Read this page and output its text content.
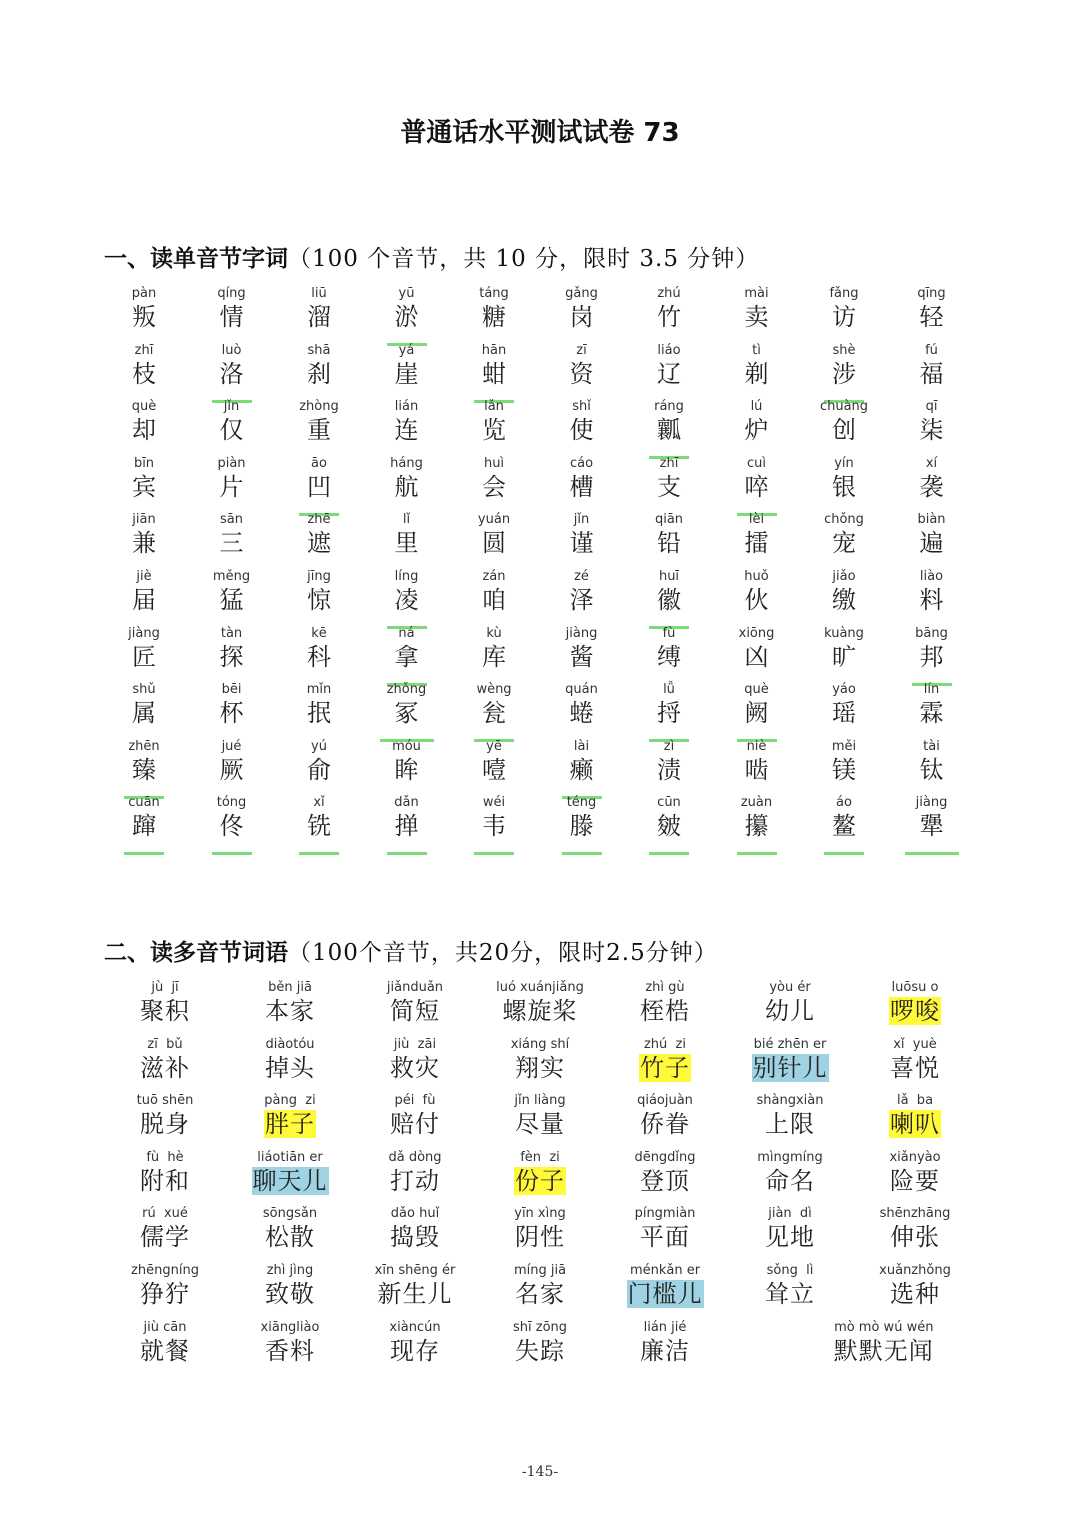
普通话水平测试试卷 73
一、读单音节字词（100 个音节，共 10 分，限时 3.5 分钟）
pàn
叛
qíng
情
liū
溜
yū
淤
táng
糖
gǎng
岗
zhú
竹
mài
卖
fǎng
访
qīng
轻
zhī
枝
luò
洛
shā
刹
yá
崖
hān
蚶
zī
资
liáo
辽
tì
剃
shè
涉
fú
福
què
却
jǐn
仅
zhòng
重
lián
连
lǎn
览
shǐ
使
ráng
瓤
lú
炉
chuàng
创
qī
柒
bīn
宾
piàn
片
āo
凹
háng
航
huì
会
cáo
槽
zhī
支
cuì
啐
yín
银
xí
袭
jiān
兼
sān
三
zhē
遮
lǐ
里
yuán
圆
jǐn
谨
qiān
铅
lèi
擂
chǒng
宠
biàn
遍
jiè
届
měng
猛
jīng
惊
líng
凌
zán
咱
zé
泽
huī
徽
huǒ
伙
jiǎo
缴
liào
料
jiàng
匠
tàn
探
kē
科
ná
拿
kù
库
jiàng
酱
fù
缚
xiōng
凶
kuàng
旷
bāng
邦
shǔ
属
bēi
杯
mǐn
抿
zhǒng
冢
wèng
瓮
quán
蜷
lǚ
捋
què
阙
yáo
瑶
lín
霖
zhēn
臻
jué
厥
yú
俞
móu
眸
yē
噎
lài
癞
zì
渍
niè
啮
měi
镁
tài
钛
cuān
蹿
tóng
佟
xǐ
铣
dǎn
掸
wéi
韦
téng
滕
cūn
皴
zuàn
攥
áo
鳌
jiàng
犟
二、读多音节词语（100个音节，共20分，限时2.5分钟）
jù  jī
聚积
běn jiā
本家
jiǎnduǎn
简短
luó xuánjiǎng
螺旋桨
zhì gù
桎梏
yòu ér
幼儿
luōsu o
啰唆
zī  bǔ
滋补
diàotóu
掉头
jiù  zāi
救灾
xiáng shí
翔实
zhú  zi
竹子
bié zhēn er
别针儿
xǐ  yuè
喜悦
tuō shēn
脱身
pàng  zi
胖子
péi  fù
赔付
jǐn liàng
尽量
qiáojuàn
侨眷
shàngxiàn
上限
lǎ  ba
喇叭
fù  hè
附和
liáotiān er
聊天儿
dǎ dòng
打动
fèn  zi
份子
dēngdǐng
登顶
mìngmíng
命名
xiǎnyào
险要
rú  xué
儒学
sōngsǎn
松散
dǎo huǐ
捣毁
yīn xìng
阴性
píngmiàn
平面
jiàn  dì
见地
shēnzhāng
伸张
zhēngníng
狰狞
zhì jìng
致敬
xīn shēng ér
新生儿
míng jiā
名家
ménkǎn er
门槛儿
sǒng  lì
耸立
xuǎnzhǒng
选种
jiù cān
就餐
xiāngliào
香料
xiàncún
现存
shī zōng
失踪
lián jié
廉洁
mò mò wú wén
默默无闻
-145-
